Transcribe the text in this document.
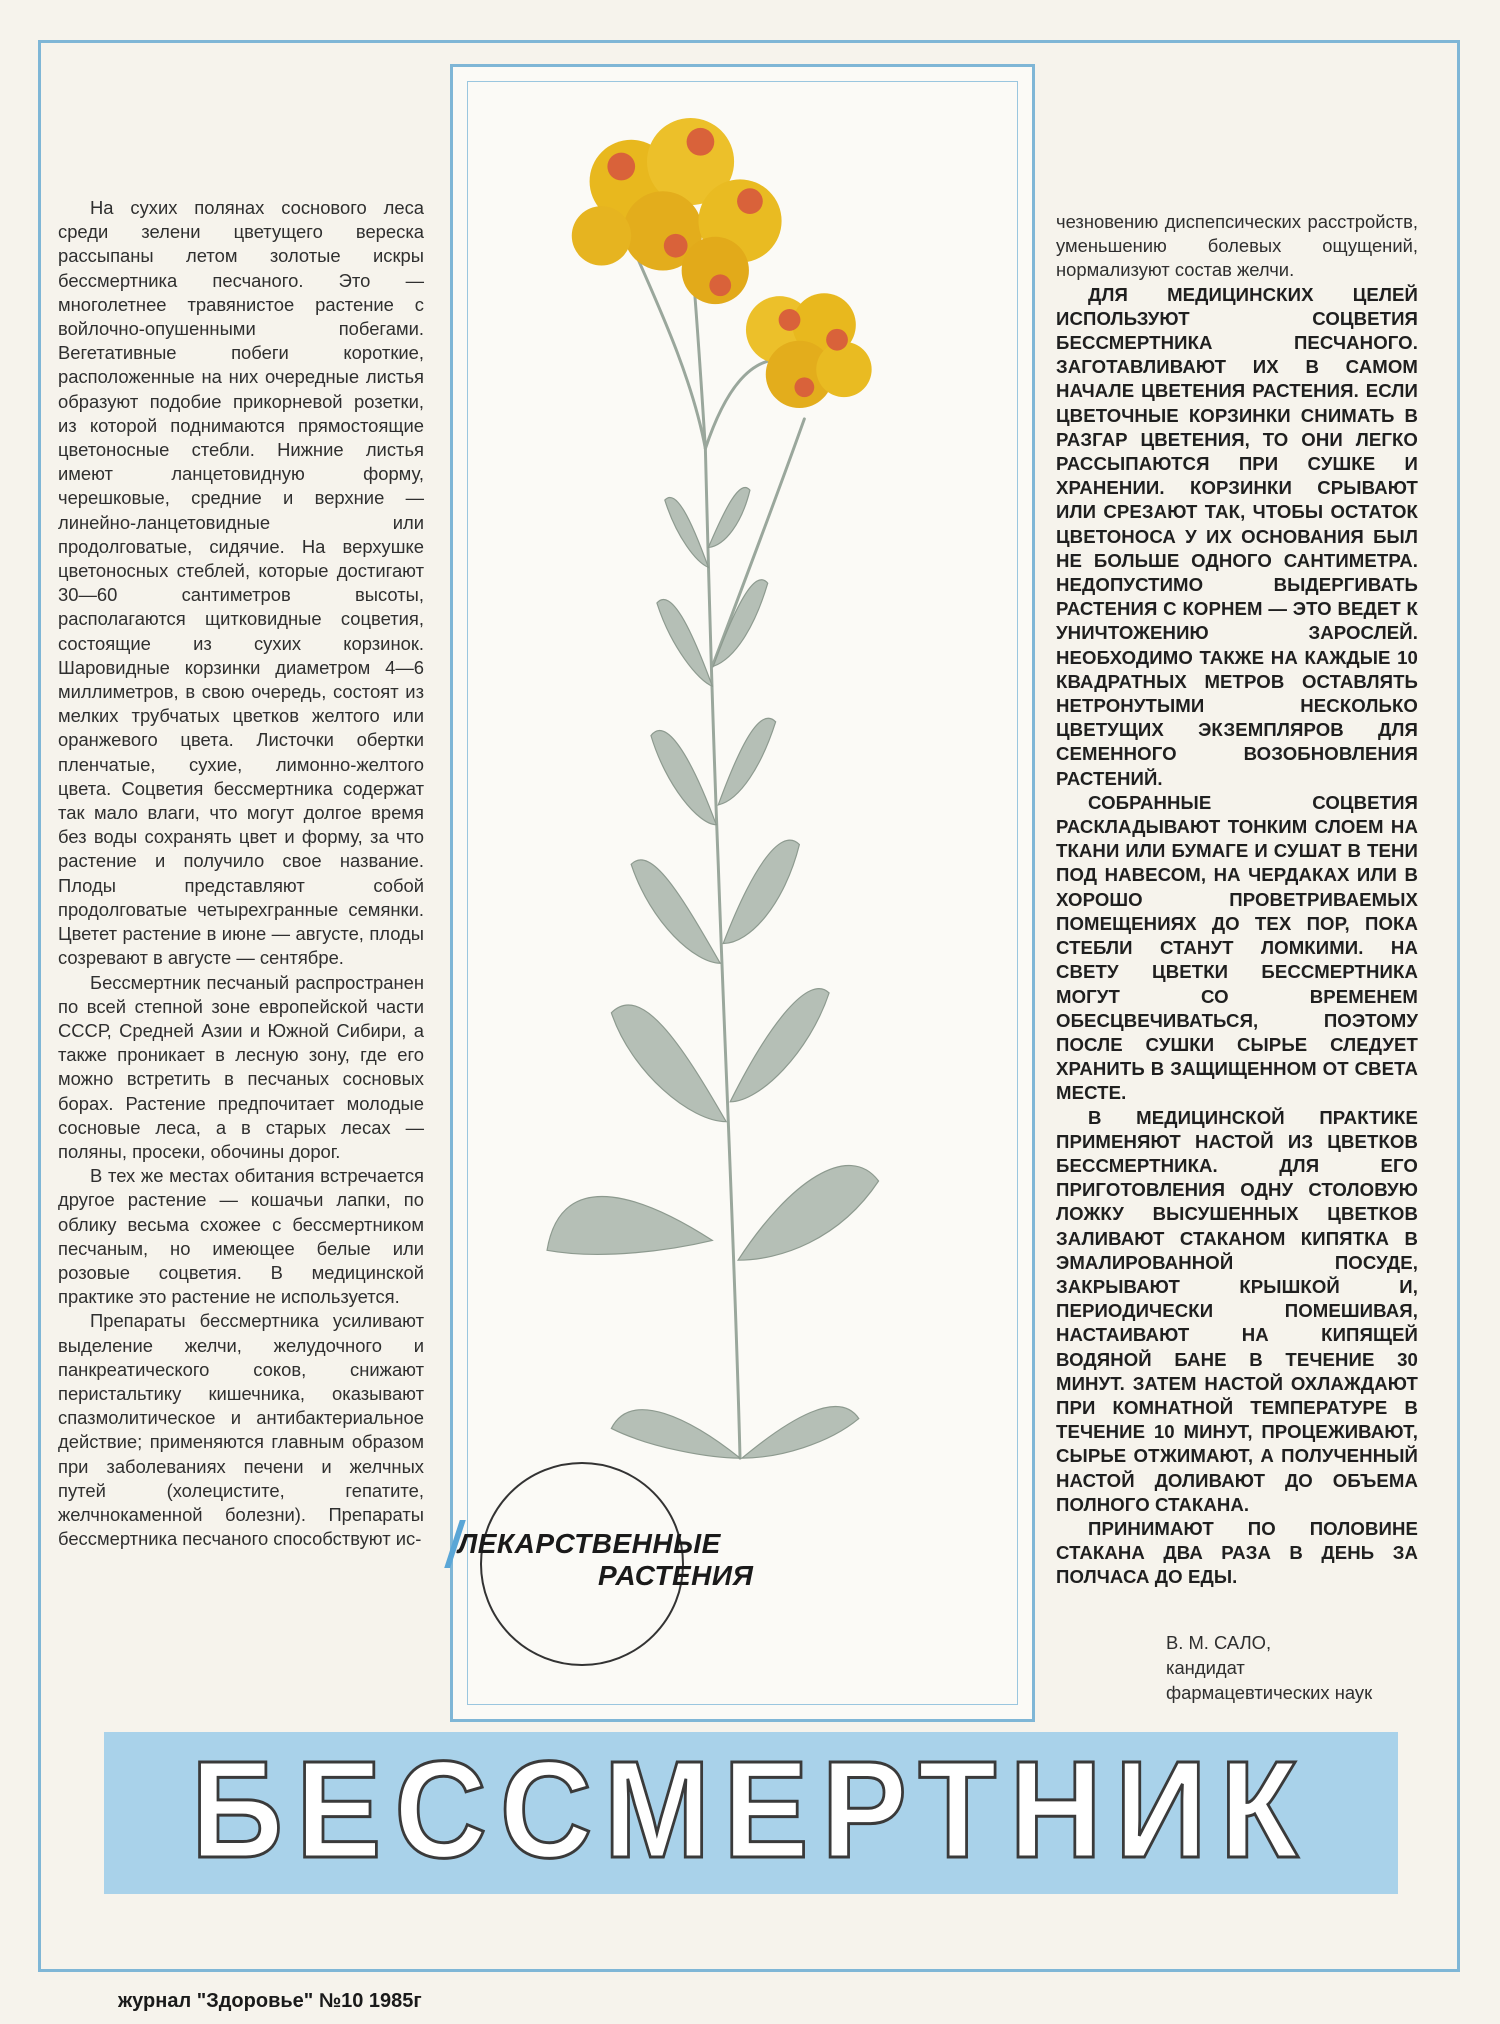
На сухих полянах соснового леса среди зелени цветущего вереска рассыпаны летом золотые искры бессмертника песчаного. Это — многолетнее травянистое растение с войлочно-опушенными побегами. Вегетативные побеги короткие, расположенные на них очередные листья образуют подобие прикорневой розетки, из которой поднимаются прямостоящие цветоносные стебли. Нижние листья имеют ланцетовидную форму, черешковые, средние и верхние — линейно-ланцетовидные или продолговатые, сидячие. На верхушке цветоносных стеблей, которые достигают 30—60 сантиметров высоты, располагаются щитковидные соцветия, состоящие из сухих корзинок. Шаровидные корзинки диаметром 4—6 миллиметров, в свою очередь, состоят из мелких трубчатых цветков желтого или оранжевого цвета. Листочки обертки пленчатые, сухие, лимонно-желтого цвета. Соцветия бессмертника содержат так мало влаги, что могут долгое время без воды сохранять цвет и форму, за что растение и получило свое название. Плоды представляют собой продолговатые четырехгранные семянки. Цветет растение в июне — августе, плоды созревают в августе — сентябре.

Бессмертник песчаный распространен по всей степной зоне европейской части СССР, Средней Азии и Южной Сибири, а также проникает в лесную зону, где его можно встретить в песчаных сосновых борах. Растение предпочитает молодые сосновые леса, а в старых лесах — поляны, просеки, обочины дорог.

В тех же местах обитания встречается другое растение — кошачьи лапки, по облику весьма схожее с бессмертником песчаным, но имеющее белые или розовые соцветия. В медицинской практике это растение не используется.

Препараты бессмертника усиливают выделение желчи, желудочного и панкреатического соков, снижают перистальтику кишечника, оказывают спазмолитическое и антибактериальное действие; применяются главным образом при заболеваниях печени и желчных путей (холецистите, гепатите, желчнокаменной болезни). Препараты бессмертника песчаного способствуют ис- ЛЕКАРСТВЕННЫЕ
РАСТЕНИЯ

чезновению диспепсических расстройств, уменьшению болевых ощущений, нормализуют состав желчи.

ДЛЯ МЕДИЦИНСКИХ ЦЕЛЕЙ ИСПОЛЬЗУЮТ СОЦВЕТИЯ БЕССМЕРТНИКА ПЕСЧАНОГО. ЗАГОТАВЛИВАЮТ ИХ В САМОМ НАЧАЛЕ ЦВЕТЕНИЯ РАСТЕНИЯ. ЕСЛИ ЦВЕТОЧНЫЕ КОРЗИНКИ СНИМАТЬ В РАЗГАР ЦВЕТЕНИЯ, ТО ОНИ ЛЕГКО РАССЫПАЮТСЯ ПРИ СУШКЕ И ХРАНЕНИИ. КОРЗИНКИ СРЫВАЮТ ИЛИ СРЕЗАЮТ ТАК, ЧТОБЫ ОСТАТОК ЦВЕТОНОСА У ИХ ОСНОВАНИЯ БЫЛ НЕ БОЛЬШЕ ОДНОГО САНТИМЕТРА. НЕДОПУСТИМО ВЫДЕРГИВАТЬ РАСТЕНИЯ С КОРНЕМ — ЭТО ВЕДЕТ К УНИЧТОЖЕНИЮ ЗАРОСЛЕЙ. НЕОБХОДИМО ТАКЖЕ НА КАЖДЫЕ 10 КВАДРАТНЫХ МЕТРОВ ОСТАВЛЯТЬ НЕТРОНУТЫМИ НЕСКОЛЬКО ЦВЕТУЩИХ ЭКЗЕМПЛЯРОВ ДЛЯ СЕМЕННОГО ВОЗОБНОВЛЕНИЯ РАСТЕНИЙ.

СОБРАННЫЕ СОЦВЕТИЯ РАСКЛАДЫВАЮТ ТОНКИМ СЛОЕМ НА ТКАНИ ИЛИ БУМАГЕ И СУШАТ В ТЕНИ ПОД НАВЕСОМ, НА ЧЕРДАКАХ ИЛИ В ХОРОШО ПРОВЕТРИВАЕМЫХ ПОМЕЩЕНИЯХ ДО ТЕХ ПОР, ПОКА СТЕБЛИ СТАНУТ ЛОМКИМИ. НА СВЕТУ ЦВЕТКИ БЕССМЕРТНИКА МОГУТ СО ВРЕМЕНЕМ ОБЕСЦВЕЧИВАТЬСЯ, ПОЭТОМУ ПОСЛЕ СУШКИ СЫРЬЕ СЛЕДУЕТ ХРАНИТЬ В ЗАЩИЩЕННОМ ОТ СВЕТА МЕСТЕ.

В МЕДИЦИНСКОЙ ПРАКТИКЕ ПРИМЕНЯЮТ НАСТОЙ ИЗ ЦВЕТКОВ БЕССМЕРТНИКА. ДЛЯ ЕГО ПРИГОТОВЛЕНИЯ ОДНУ СТОЛОВУЮ ЛОЖКУ ВЫСУШЕННЫХ ЦВЕТКОВ ЗАЛИВАЮТ СТАКАНОМ КИПЯТКА В ЭМАЛИРОВАННОЙ ПОСУДЕ, ЗАКРЫВАЮТ КРЫШКОЙ И, ПЕРИОДИЧЕСКИ ПОМЕШИВАЯ, НАСТАИВАЮТ НА КИПЯЩЕЙ ВОДЯНОЙ БАНЕ В ТЕЧЕНИЕ 30 МИНУТ. ЗАТЕМ НАСТОЙ ОХЛАЖДАЮТ ПРИ КОМНАТНОЙ ТЕМПЕРАТУРЕ В ТЕЧЕНИЕ 10 МИНУТ, ПРОЦЕЖИВАЮТ, СЫРЬЕ ОТЖИМАЮТ, А ПОЛУЧЕННЫЙ НАСТОЙ ДОЛИВАЮТ ДО ОБЪЕМА ПОЛНОГО СТАКАНА.

ПРИНИМАЮТ ПО ПОЛОВИНЕ СТАКАНА ДВА РАЗА В ДЕНЬ ЗА ПОЛЧАСА ДО ЕДЫ.

В. М. САЛО,
кандидат
фармацевтических наук
БЕССМЕРТНИК
журнал "Здоровье" №10 1985г
